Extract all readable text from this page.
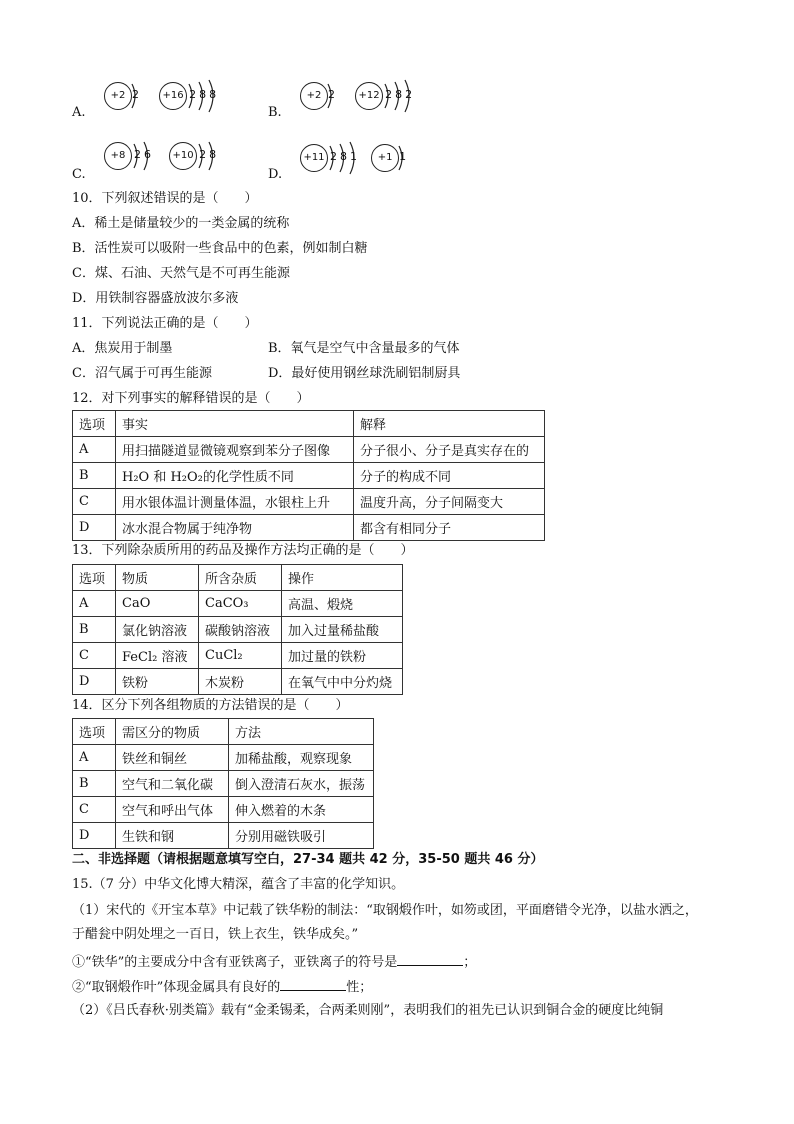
A.
+2 2
	+16 288
B.
+2 2
	+12 282
C.
+8 26
	+10 28
D.
+11 281
	+1 1
10．下列叙述错误的是（　　）
A．稀土是储量较少的一类金属的统称
B．活性炭可以吸附一些食品中的色素，例如制白糖
C．煤、石油、天然气是不可再生能源
D．用铁制容器盛放波尔多液
11．下列说法正确的是（　　）
A．焦炭用于制墨	B．氧气是空气中含量最多的气体
C．沼气属于可再生能源	D．最好使用钢丝球洗刷铝制厨具
12．对下列事实的解释错误的是（　　）
选项	事实	解释
A	用扫描隧道显微镜观察到苯分子图像	分子很小、分子是真实存在的
B	H₂O 和 H₂O₂的化学性质不同	分子的构成不同
C	用水银体温计测量体温，水银柱上升	温度升高，分子间隔变大
D	冰水混合物属于纯净物	都含有相同分子
13．下列除杂质所用的药品及操作方法均正确的是（　　）
选项	物质	所含杂质	操作
A	CaO	CaCO₃	高温、煅烧
B	氯化钠溶液	碳酸钠溶液	加入过量稀盐酸
C	FeCl₂ 溶液	CuCl₂	加过量的铁粉
D	铁粉	木炭粉	在氧气中中分灼烧
14．区分下列各组物质的方法错误的是（　　）
选项	需区分的物质	方法
A	铁丝和铜丝	加稀盐酸，观察现象
B	空气和二氧化碳	倒入澄清石灰水，振荡
C	空气和呼出气体	伸入燃着的木条
D	生铁和钢	分别用磁铁吸引
二、非选择题（请根据题意填写空白，27-34 题共 42 分，35-50 题共 46 分）
15.（7 分）中华文化博大精深，蕴含了丰富的化学知识。
（1）宋代的《开宝本草》中记载了铁华粉的制法：“取钢煅作叶，如笏或团，平面磨错令光净，以盐水洒之，
于醋瓮中阴处埋之一百日，铁上衣生，铁华成矣。”
①“铁华”的主要成分中含有亚铁离子，亚铁离子的符号是	；
②“取钢煅作叶”体现金属具有良好的	性；
（2）《吕氏春秋·别类篇》载有“金柔锡柔，合两柔则刚”，表明我们的祖先已认识到铜合金的硬度比纯铜
